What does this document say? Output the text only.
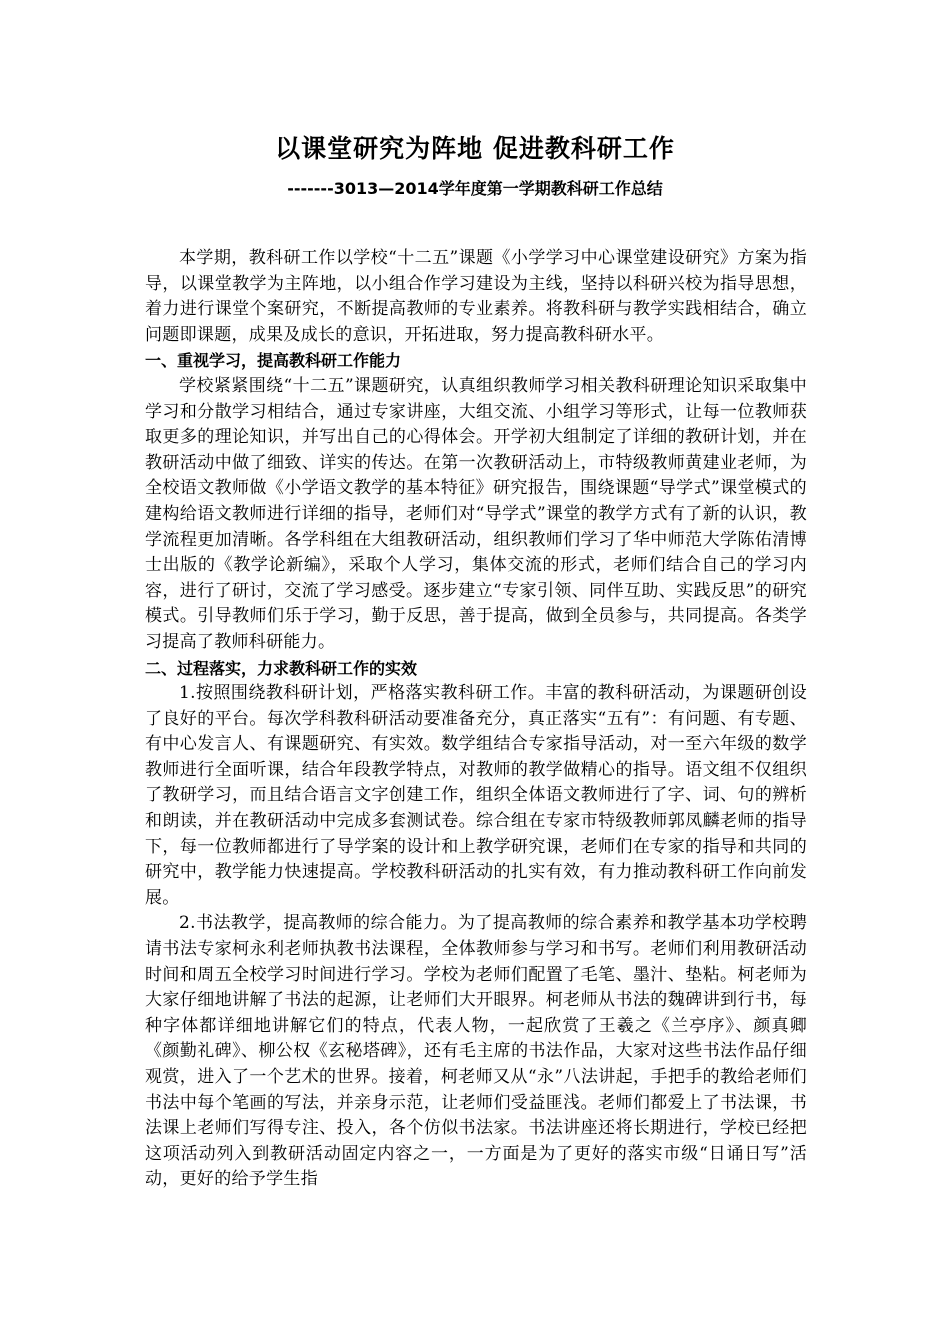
以课堂研究为阵地 促进教科研工作
-------3013—2014学年度第一学期教科研工作总结

本学期，教科研工作以学校“十二五”课题《小学学习中心课堂建设研究》方案为指导，以课堂教学为主阵地，以小组合作学习建设为主线，坚持以科研兴校为指导思想，着力进行课堂个案研究，不断提高教师的专业素养。将教科研与教学实践相结合，确立问题即课题，成果及成长的意识，开拓进取，努力提高教科研水平。

一、重视学习，提高教科研工作能力

学校紧紧围绕“十二五”课题研究，认真组织教师学习相关教科研理论知识采取集中学习和分散学习相结合，通过专家讲座，大组交流、小组学习等形式，让每一位教师获取更多的理论知识，并写出自己的心得体会。开学初大组制定了详细的教研计划，并在教研活动中做了细致、详实的传达。在第一次教研活动上，市特级教师黄建业老师，为全校语文教师做《小学语文教学的基本特征》研究报告，围绕课题“导学式”课堂模式的建构给语文教师进行详细的指导，老师们对“导学式”课堂的教学方式有了新的认识，教学流程更加清晰。各学科组在大组教研活动，组织教师们学习了华中师范大学陈佑清博士出版的《教学论新编》，采取个人学习，集体交流的形式，老师们结合自己的学习内容，进行了研讨，交流了学习感受。逐步建立“专家引领、同伴互助、实践反思”的研究模式。引导教师们乐于学习，勤于反思，善于提高，做到全员参与，共同提高。各类学习提高了教师科研能力。

二、过程落实，力求教科研工作的实效

1.按照围绕教科研计划，严格落实教科研工作。丰富的教科研活动，为课题研创设了良好的平台。每次学科教科研活动要准备充分，真正落实“五有”：有问题、有专题、有中心发言人、有课题研究、有实效。数学组结合专家指导活动，对一至六年级的数学教师进行全面听课，结合年段教学特点，对教师的教学做精心的指导。语文组不仅组织了教研学习，而且结合语言文字创建工作，组织全体语文教师进行了字、词、句的辨析和朗读，并在教研活动中完成多套测试卷。综合组在专家市特级教师郭凤麟老师的指导下，每一位教师都进行了导学案的设计和上教学研究课，老师们在专家的指导和共同的研究中，教学能力快速提高。学校教科研活动的扎实有效，有力推动教科研工作向前发展。

2.书法教学，提高教师的综合能力。为了提高教师的综合素养和教学基本功学校聘请书法专家柯永利老师执教书法课程，全体教师参与学习和书写。老师们利用教研活动时间和周五全校学习时间进行学习。学校为老师们配置了毛笔、墨汁、垫粘。柯老师为大家仔细地讲解了书法的起源，让老师们大开眼界。柯老师从书法的魏碑讲到行书，每种字体都详细地讲解它们的特点，代表人物，一起欣赏了王羲之《兰亭序》、颜真卿《颜勤礼碑》、柳公权《玄秘塔碑》，还有毛主席的书法作品，大家对这些书法作品仔细观赏，进入了一个艺术的世界。接着，柯老师又从“永”八法讲起，手把手的教给老师们书法中每个笔画的写法，并亲身示范，让老师们受益匪浅。老师们都爱上了书法课，书法课上老师们写得专注、投入，各个仿似书法家。书法讲座还将长期进行，学校已经把这项活动列入到教研活动固定内容之一，一方面是为了更好的落实市级“日诵日写”活动，更好的给予学生指
